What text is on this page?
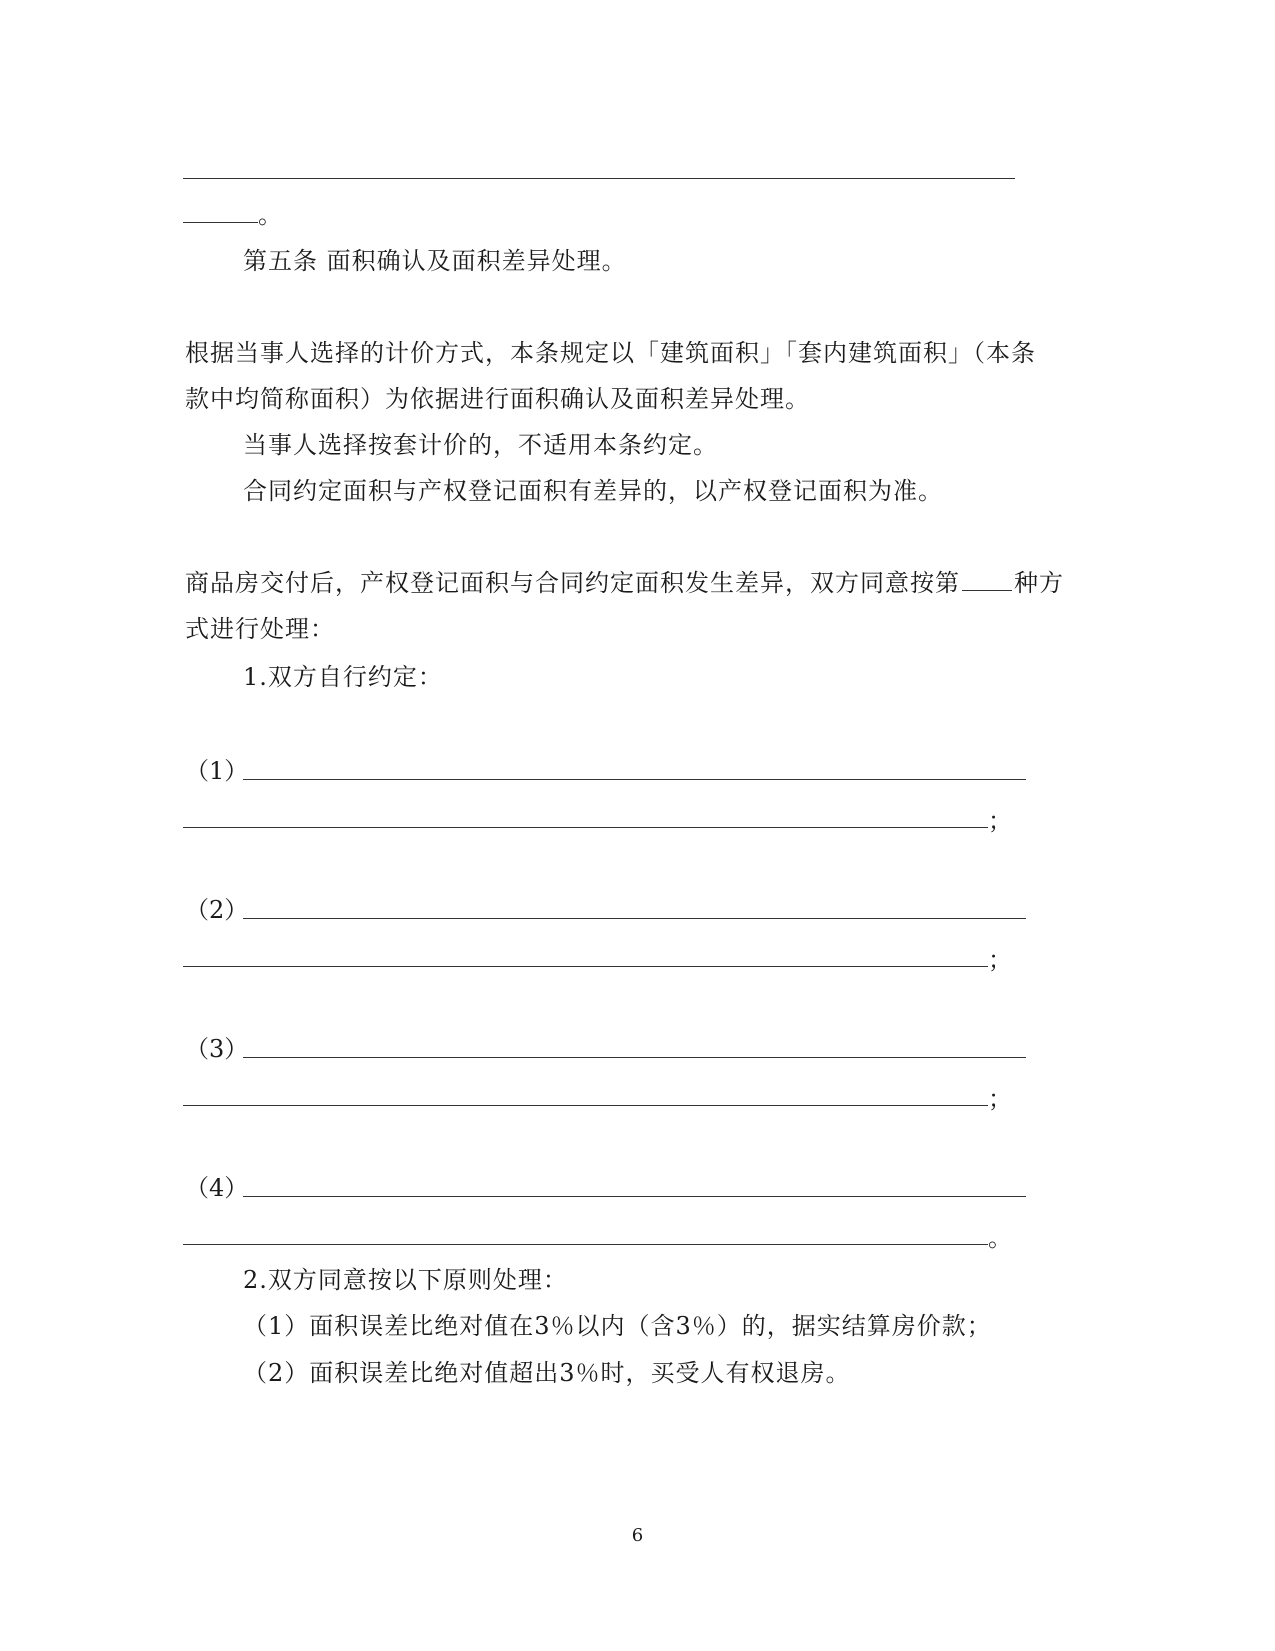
。
第五条 面积确认及面积差异处理。
根据当事人选择的计价方式，本条规定以「建筑面积」「套内建筑面积」（本条
款中均简称面积）为依据进行面积确认及面积差异处理。
当事人选择按套计价的，不适用本条约定。
合同约定面积与产权登记面积有差异的，以产权登记面积为准。
商品房交付后，产权登记面积与合同约定面积发生差异，双方同意按第 种方
式进行处理：
1.双方自行约定：
（1）
；
（2）
；
（3）
；
（4）
。
2.双方同意按以下原则处理：
（1）面积误差比绝对值在3％以内（含3％）的，据实结算房价款；
（2）面积误差比绝对值超出3％时，买受人有权退房。
6
